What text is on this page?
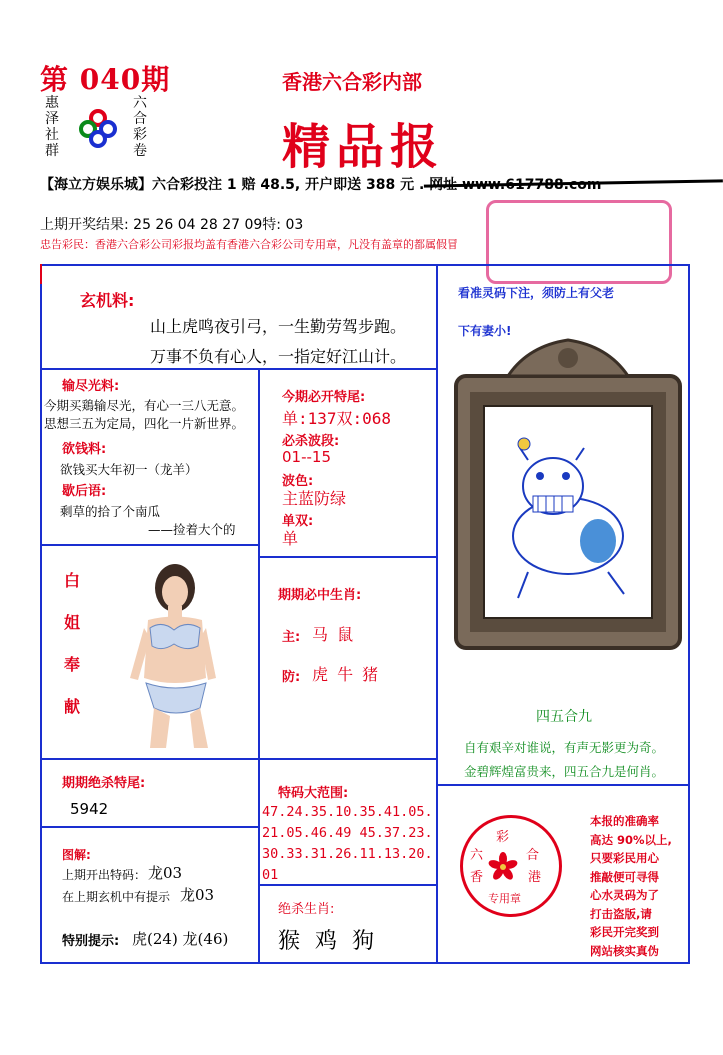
第 040期
惠
泽
社
群
六
合
彩
卷
香港六合彩内部
精品报
【海立方娱乐城】六合彩投注 1 赔 48.5, 开户即送 388 元 . 网址 www.617788.com
上期开奖结果: 25 26 04 28 27 09特: 03
忠告彩民：香港六合彩公司彩报均盖有香港六合彩公司专用章，凡没有盖章的都属假冒
玄机料:
山上虎鸣夜引弓，一生勤劳驾步跑。
万事不负有心人，一指定好江山计。
输尽光料:
今期买鶏输尽光，有心一三八无意。
思想三五为定局，四化一片新世界。
欲钱料:
欲钱买大年初一（龙羊）
歇后语:
剩草的拾了个南瓜
——捡着大个的
今期必开特尾:
单:137双:068
必杀波段:
01--15
波色:
主蓝防绿
单双:
单
白
姐
奉
献
期期必中生肖:
主: 马 鼠
防: 虎 牛 猪
看准灵码下注，须防上有父老
下有妻小!
四五合九
自有艰辛对谁说，有声无影更为奇。
金碧辉煌富贵来，四五合九是何肖。
期期绝杀特尾:
5942
特码大范围:
47.24.35.10.35.41.05.
21.05.46.49 45.37.23.
30.33.31.26.11.13.20.
01
图解:
上期开出特码： 龙03
在上期玄机中有提示 龙03
特别提示: 虎(24) 龙(46)
绝杀生肖:
猴 鸡 狗
彩
六	合
香	港
专用章
本报的准确率
高达 90%以上,
只要彩民用心
推敲便可寻得
心水灵码为了
打击盗版,请
彩民开完奖到
网站核实真伪
